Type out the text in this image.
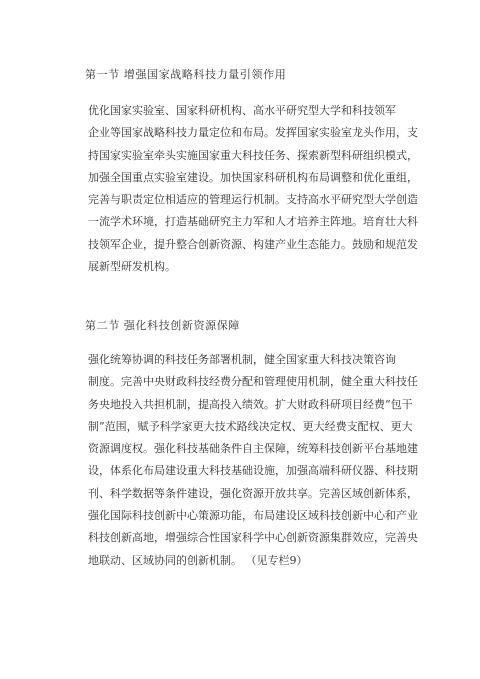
第一节 增强国家战略科技力量引领作用
优化国家实验室、国家科研机构、高水平研究型大学和科技领军
企业等国家战略科技力量定位和布局。发挥国家实验室龙头作用，支
持国家实验室牵头实施国家重大科技任务、探索新型科研组织模式，
加强全国重点实验室建设。加快国家科研机构布局调整和优化重组，
完善与职责定位相适应的管理运行机制。支持高水平研究型大学创造
一流学术环境，打造基础研究主力军和人才培养主阵地。培育壮大科
技领军企业，提升整合创新资源、构建产业生态能力。鼓励和规范发
展新型研发机构。
第二节 强化科技创新资源保障
强化统筹协调的科技任务部署机制，健全国家重大科技决策咨询
制度。完善中央财政科技经费分配和管理使用机制，健全重大科技任
务央地投入共担机制，提高投入绩效。扩大财政科研项目经费“包干
制”范围，赋予科学家更大技术路线决定权、更大经费支配权、更大
资源调度权。强化科技基础条件自主保障，统筹科技创新平台基地建
设，体系化布局建设重大科技基础设施，加强高端科研仪器、科技期
刊、科学数据等条件建设，强化资源开放共享。完善区域创新体系，
强化国际科技创新中心策源功能，布局建设区域科技创新中心和产业
科技创新高地，增强综合性国家科学中心创新资源集群效应，完善央
地联动、区域协同的创新机制。 （见专栏9）
